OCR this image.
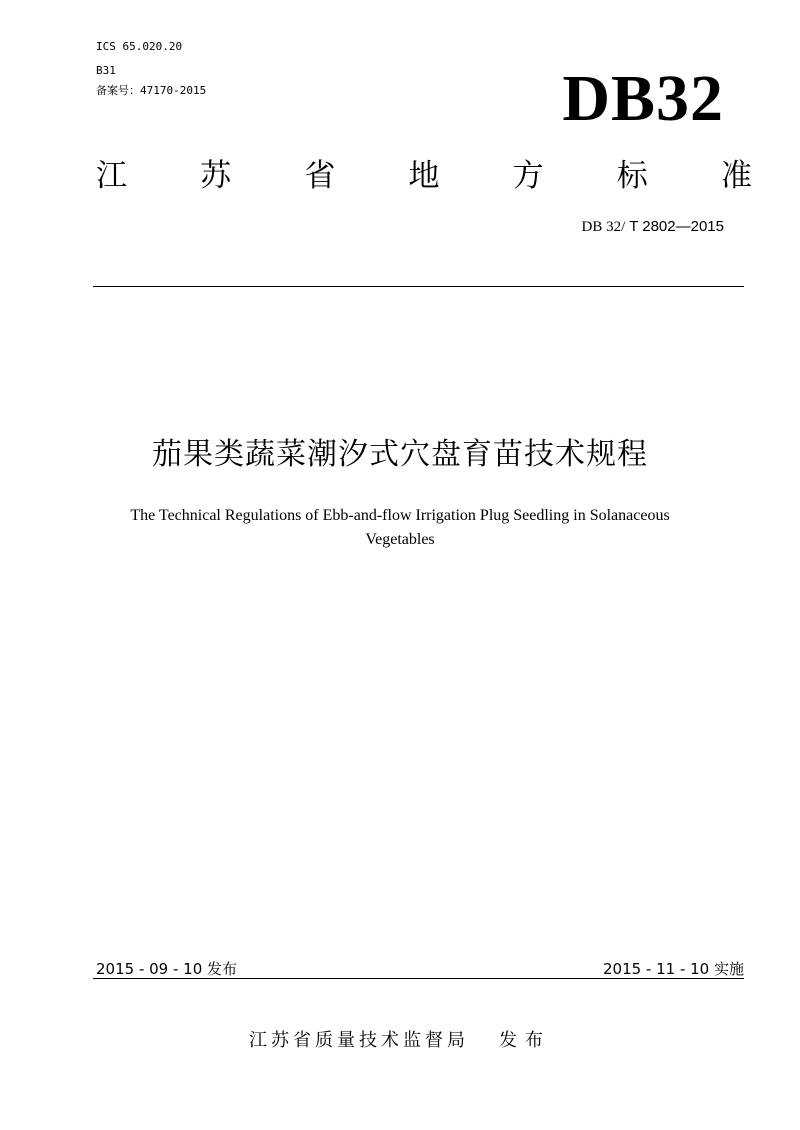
ICS 65.020.20
B31
备案号：47170-2015	DB32
江 苏 省 地 方 标 准
DB 32/ T 2802—2015
茄果类蔬菜潮汐式穴盘育苗技术规程
The Technical Regulations of Ebb-and-flow Irrigation Plug Seedling in Solanaceous
Vegetables
2015 - 09 - 10 发布	2015 - 11 - 10 实施
江苏省质量技术监督局 发布
